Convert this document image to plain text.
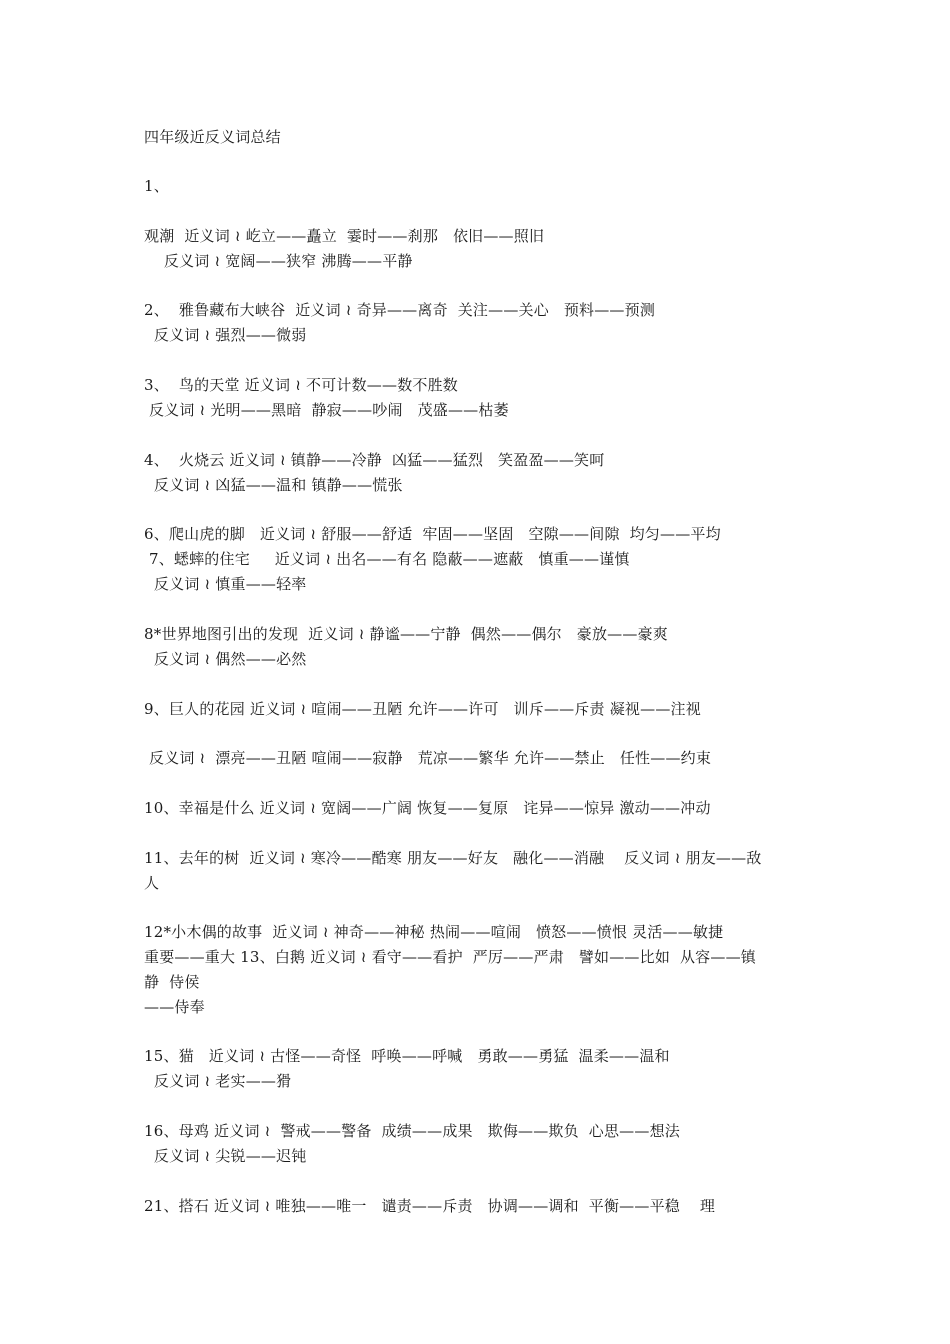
四年级近反义词总结
1、
观潮  近义词 ≀ 屹立——矗立  霎时——刹那   依旧——照旧
反义词 ≀ 宽阔——狭窄 沸腾——平静
2、  雅鲁藏布大峡谷  近义词 ≀ 奇异——离奇  关注——关心   预料——预测
反义词 ≀ 强烈——微弱
3、  鸟的天堂 近义词 ≀ 不可计数——数不胜数
反义词 ≀ 光明——黑暗  静寂——吵闹   茂盛——枯萎
4、  火烧云 近义词 ≀ 镇静——冷静  凶猛——猛烈   笑盈盈——笑呵
反义词 ≀ 凶猛——温和 镇静——慌张
6、爬山虎的脚   近义词 ≀ 舒服——舒适  牢固——坚固   空隙——间隙  均匀——平均
7、蟋蟀的住宅     近义词 ≀ 出名——有名 隐蔽——遮蔽   慎重——谨慎
反义词 ≀ 慎重——轻率
8*世界地图引出的发现  近义词 ≀ 静谧——宁静  偶然——偶尔   豪放——豪爽
反义词 ≀ 偶然——必然
9、巨人的花园 近义词 ≀ 喧闹——丑陋 允许——许可   训斥——斥责 凝视——注视
反义词 ≀  漂亮——丑陋 喧闹——寂静   荒凉——繁华 允许——禁止   任性——约束
10、幸福是什么 近义词 ≀ 宽阔——广阔 恢复——复原   诧异——惊异 激动——冲动
11、去年的树  近义词 ≀ 寒冷——酷寒 朋友——好友   融化——消融    反义词 ≀ 朋友——敌
人
12*小木偶的故事  近义词 ≀ 神奇——神秘 热闹——喧闹   愤怒——愤恨 灵活——敏捷
重要——重大 13、白鹅 近义词 ≀ 看守——看护  严厉——严肃   譬如——比如  从容——镇
静  侍侯
——侍奉
15、猫   近义词 ≀ 古怪——奇怪  呼唤——呼喊   勇敢——勇猛  温柔——温和
反义词 ≀ 老实——猾
16、母鸡 近义词 ≀  警戒——警备  成绩——成果   欺侮——欺负  心思——想法
反义词 ≀ 尖锐——迟钝
21、搭石 近义词 ≀ 唯独——唯一   谴责——斥责   协调——调和  平衡——平稳    理
